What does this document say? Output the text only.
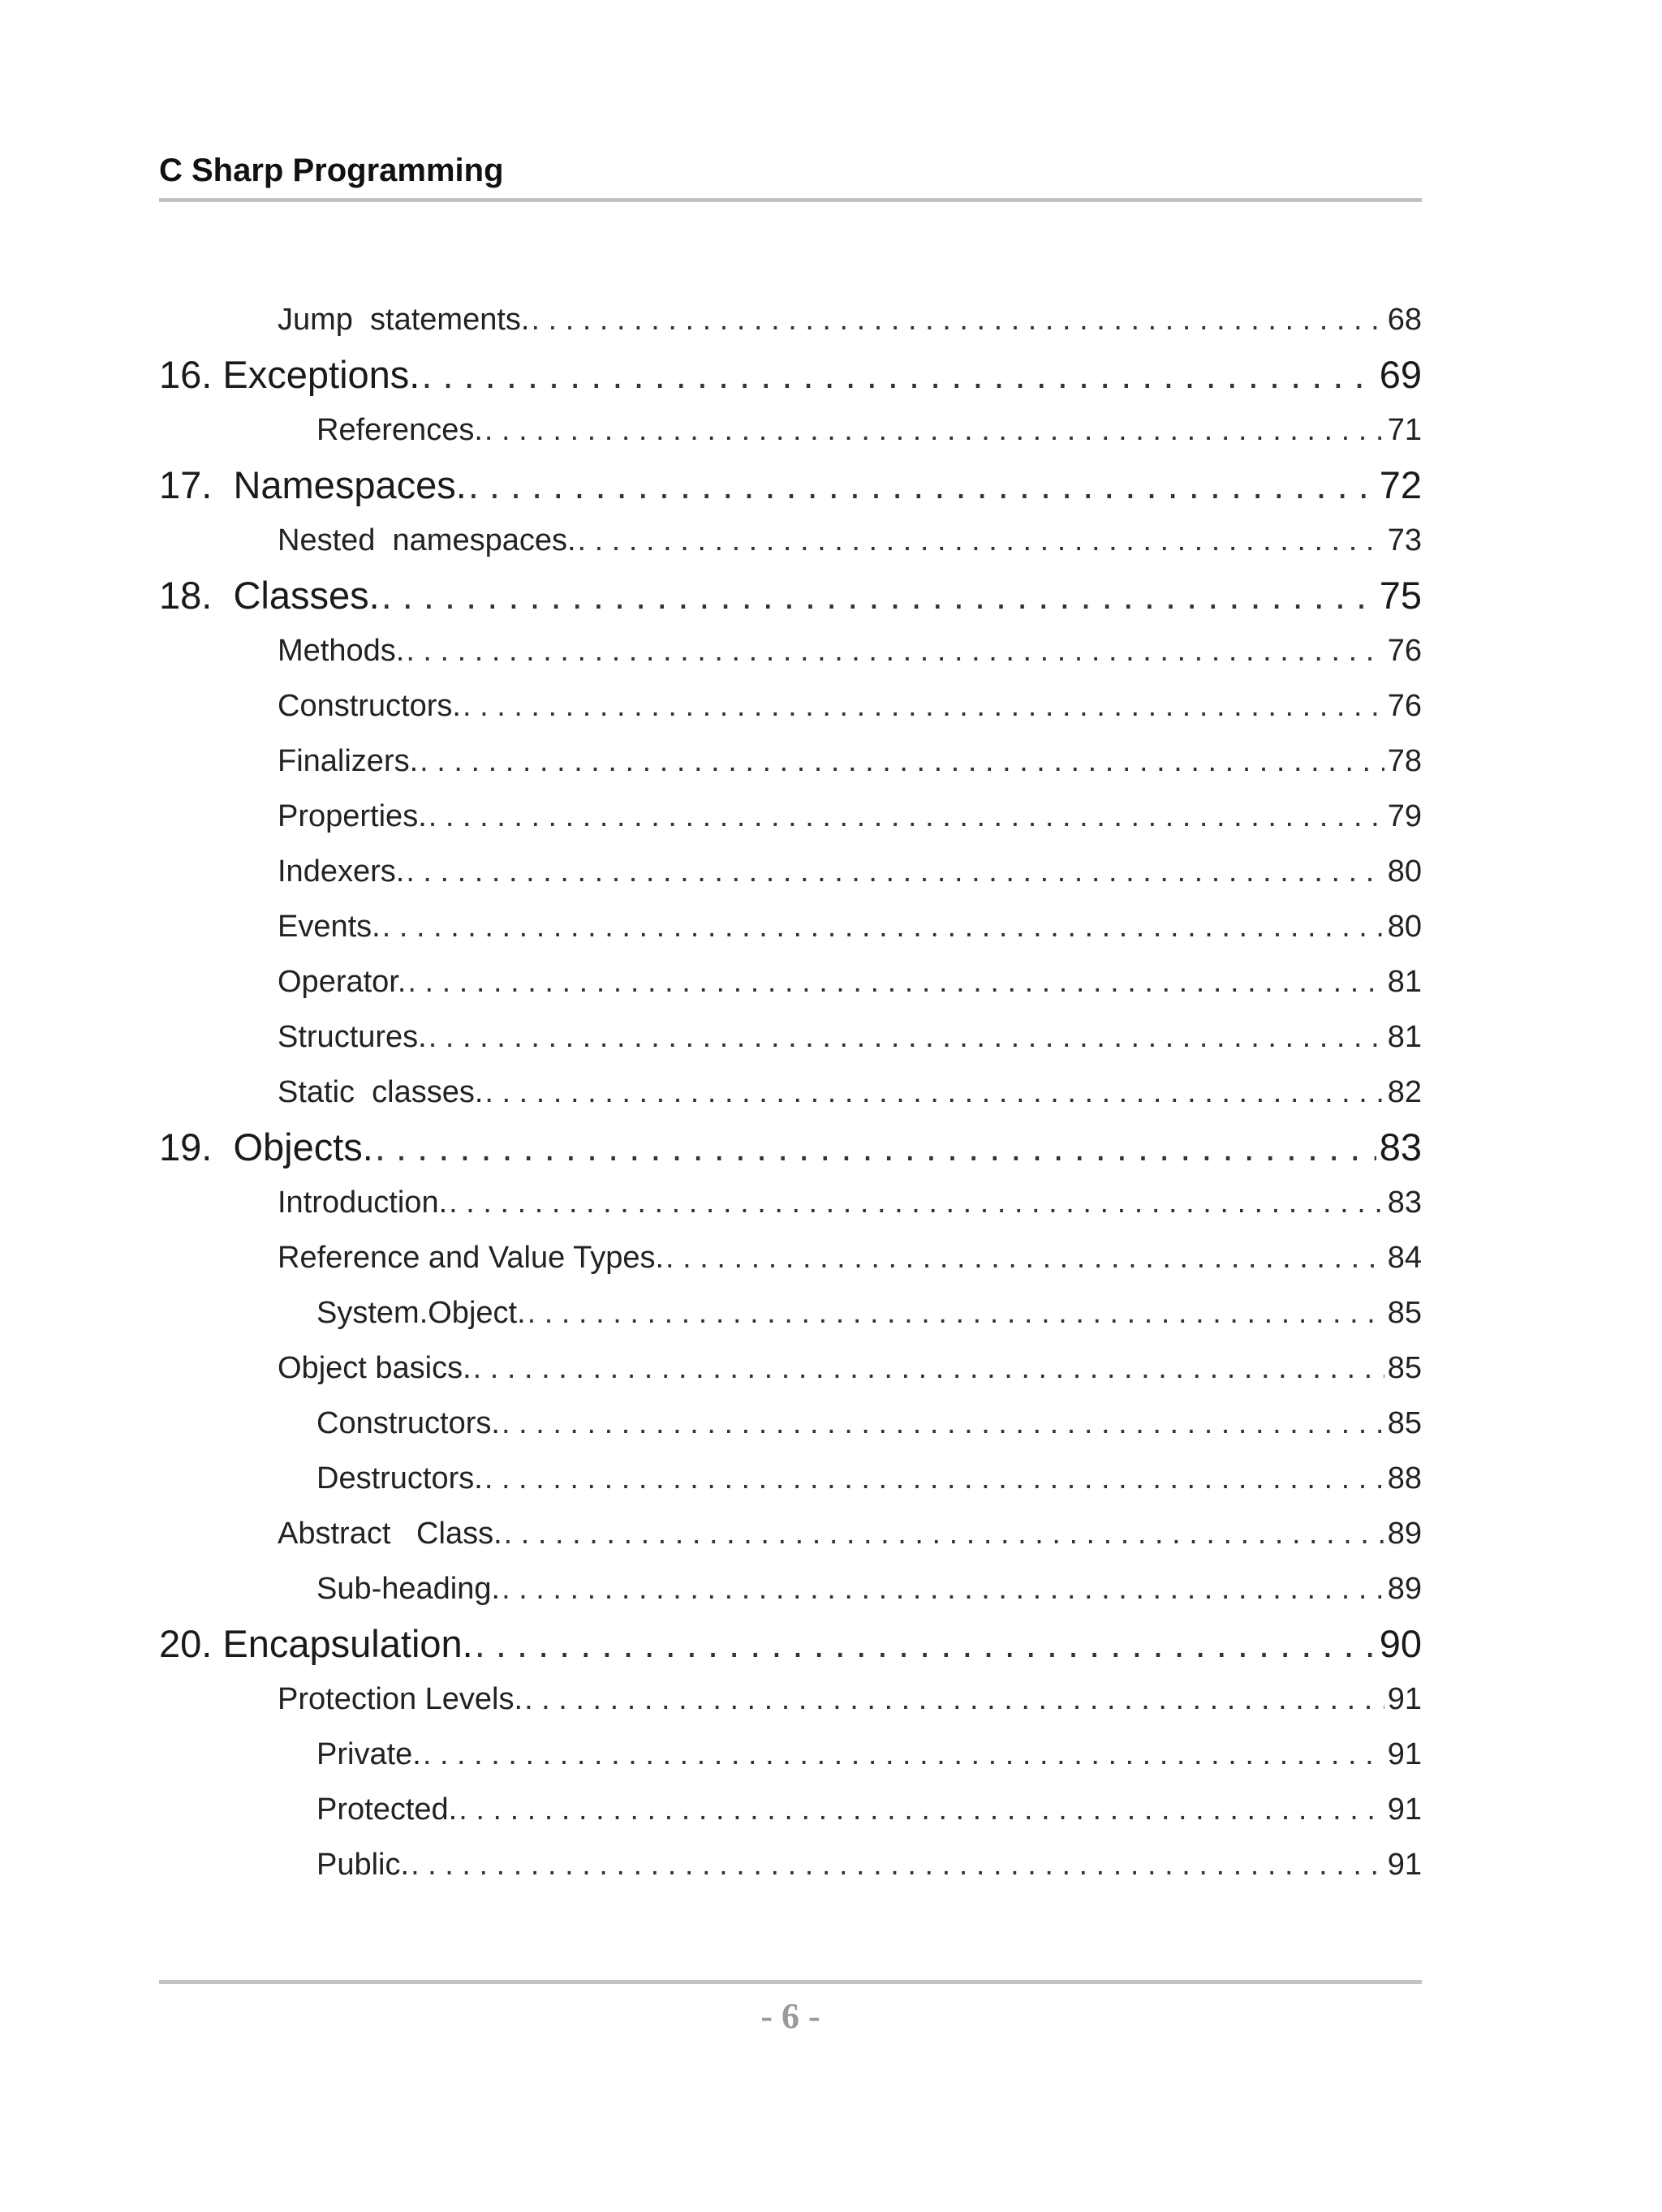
C Sharp Programming
Jump  statements. . . .	68
16. Exceptions. . . .	69
References. . . .	71
17.  Namespaces. . . .	72
Nested  namespaces. . . .	73
18.  Classes. . . .	75
Methods. . . .	76
Constructors. . . .	76
Finalizers. . . .	78
Properties. . . .	79
Indexers. . . .	80
Events. . . .	80
Operator. . . .	81
Structures. . . .	81
Static  classes. . . .	82
19.  Objects. . . .	83
Introduction. . . .	83
Reference and Value Types. . . .	84
System.Object. . . .	85
Object basics. . . .	85
Constructors. . . .	85
Destructors. . . .	88
Abstract   Class. . . .	89
Sub-heading. . . .	89
20. Encapsulation. . . .	90
Protection Levels. . . .	91
Private. . . .	91
Protected. . . .	91
Public. . . .	91
- 6 -
